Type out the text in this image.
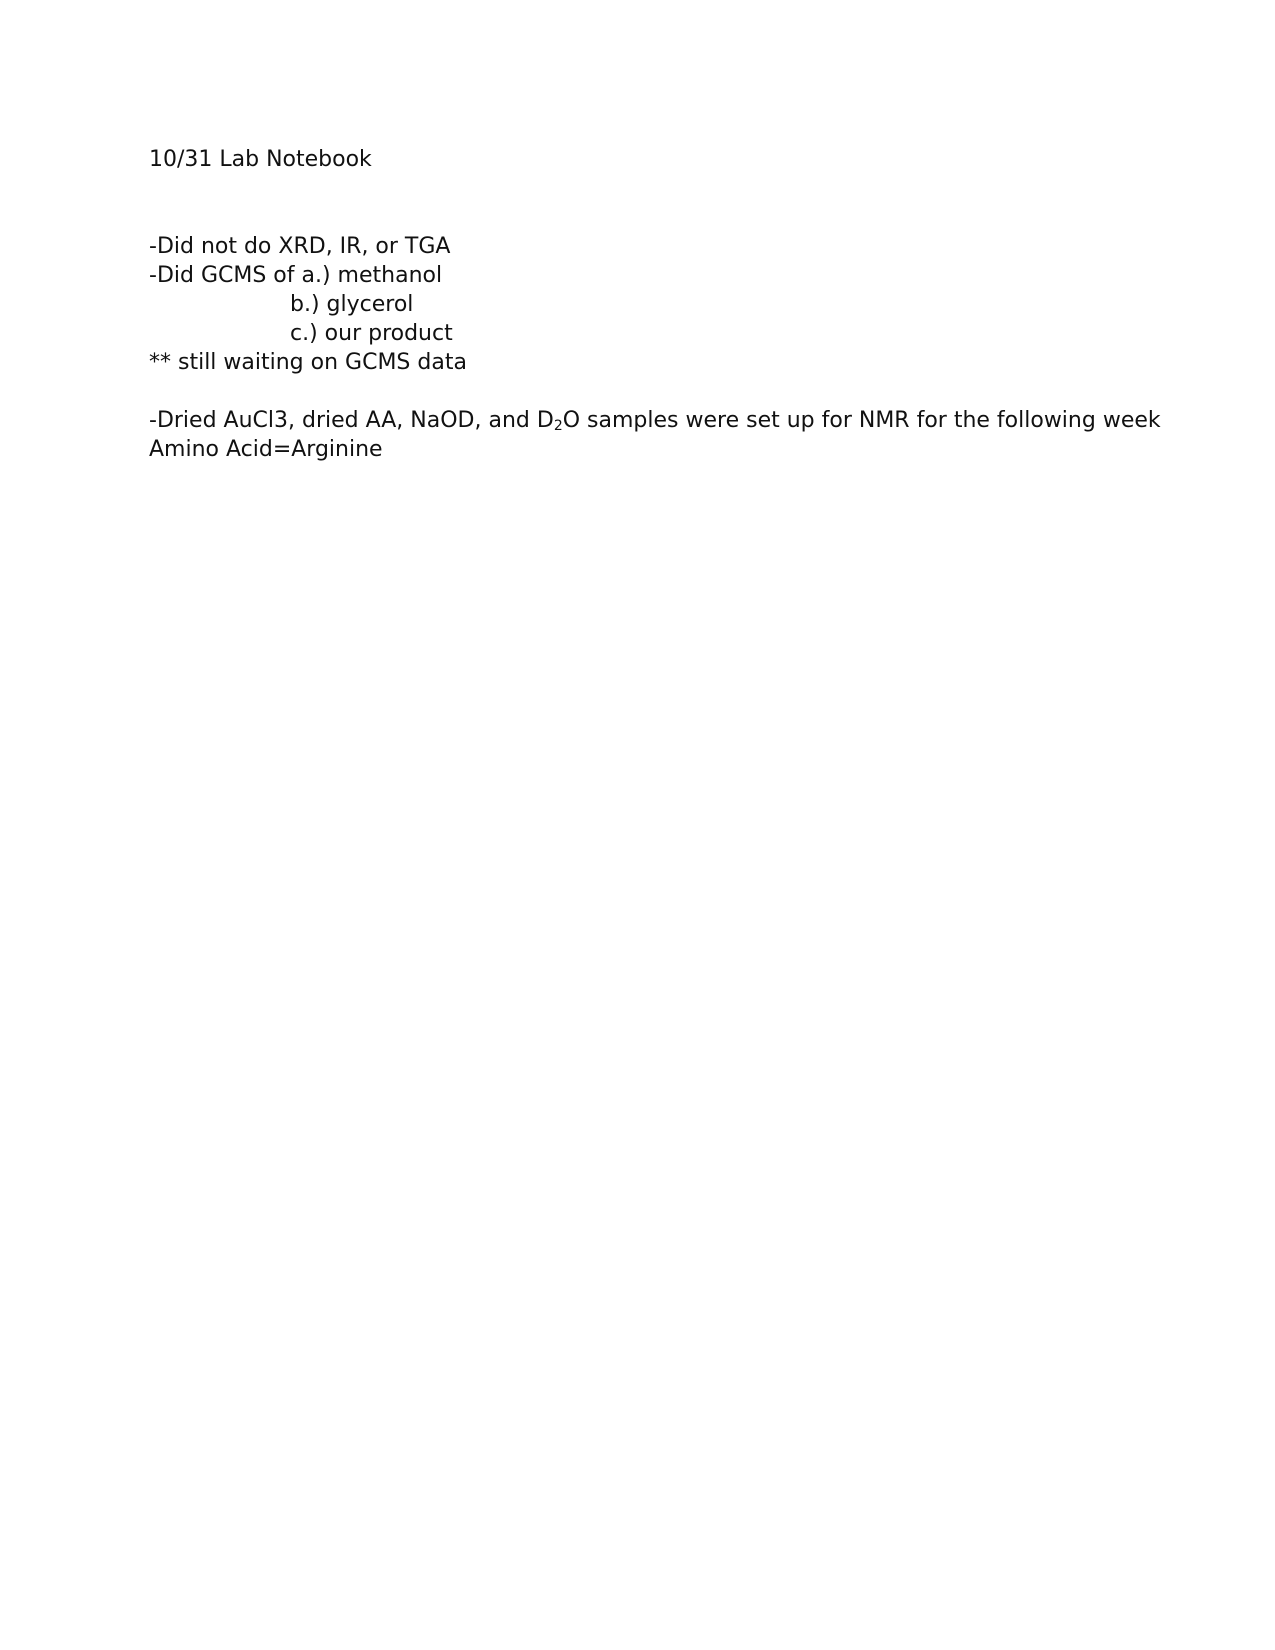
10/31 Lab Notebook

-Did not do XRD, IR, or TGA

-Did GCMS of a.) methanol

b.) glycerol

c.) our product

** still waiting on GCMS data

-Dried AuCl3, dried AA, NaOD, and $D_2O$ samples were set up for NMR for the following week

Amino Acid=Arginine
